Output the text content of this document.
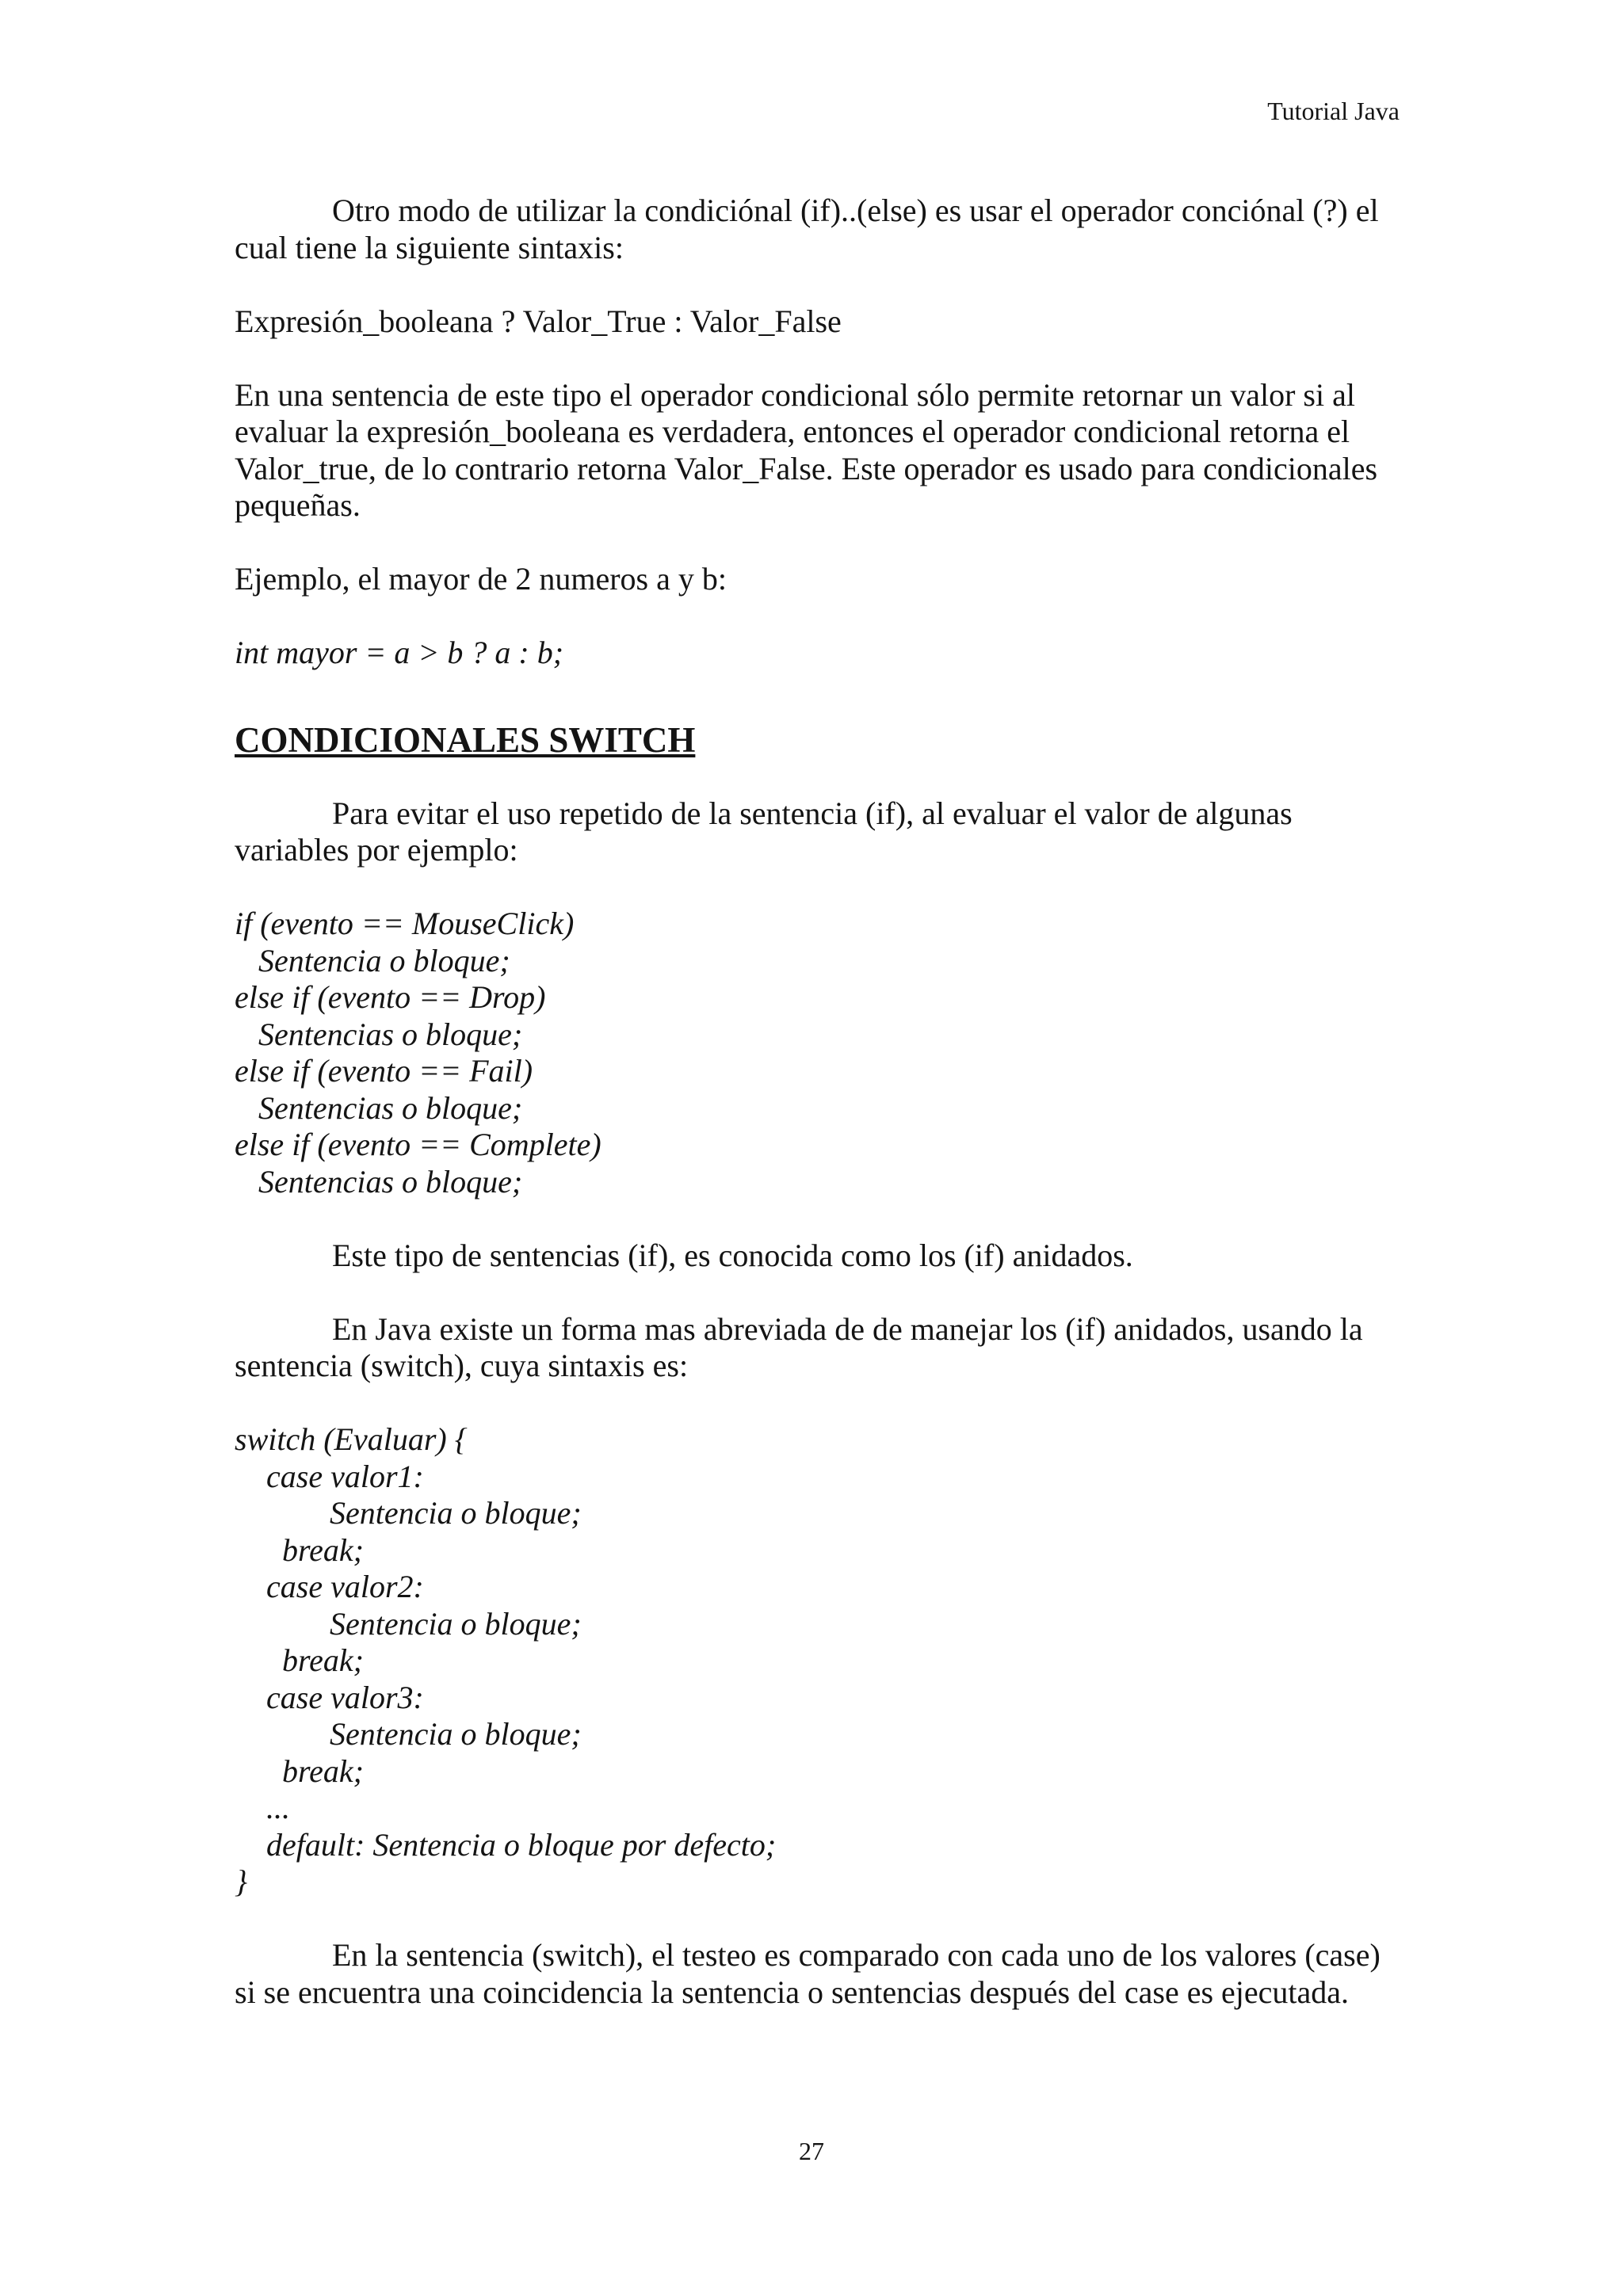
Tutorial Java

Otro modo de utilizar la condiciónal (if)..(else) es usar el operador conciónal (?) el cual tiene la siguiente sintaxis:

Expresión_booleana ? Valor_True : Valor_False

En una sentencia de este tipo el operador condicional sólo permite retornar un valor si al evaluar la expresión_booleana es verdadera, entonces el operador condicional retorna el Valor_true, de lo contrario retorna Valor_False. Este operador es usado para condicionales pequeñas.

Ejemplo, el mayor de 2 numeros a y b:

int mayor = a > b ? a : b;

CONDICIONALES SWITCH

Para evitar el uso repetido de la sentencia (if), al evaluar el valor de algunas variables por ejemplo:

if (evento == MouseClick)
Sentencia o bloque;
else if (evento == Drop)
Sentencias o bloque;
else if (evento == Fail)
Sentencias o bloque;
else if (evento == Complete)
Sentencias o bloque;

Este tipo de sentencias (if), es conocida como los (if) anidados.

En Java existe un forma mas abreviada de de manejar los (if) anidados, usando la sentencia (switch), cuya sintaxis es:

switch (Evaluar) {
case valor1:
Sentencia o bloque;
break;
case valor2:
Sentencia o bloque;
break;
case valor3:
Sentencia o bloque;
break;
...
default: Sentencia o bloque por defecto;
}

En la sentencia (switch), el testeo es comparado con cada uno de los valores (case) si se encuentra una coincidencia la sentencia o sentencias después del case es ejecutada.

27
